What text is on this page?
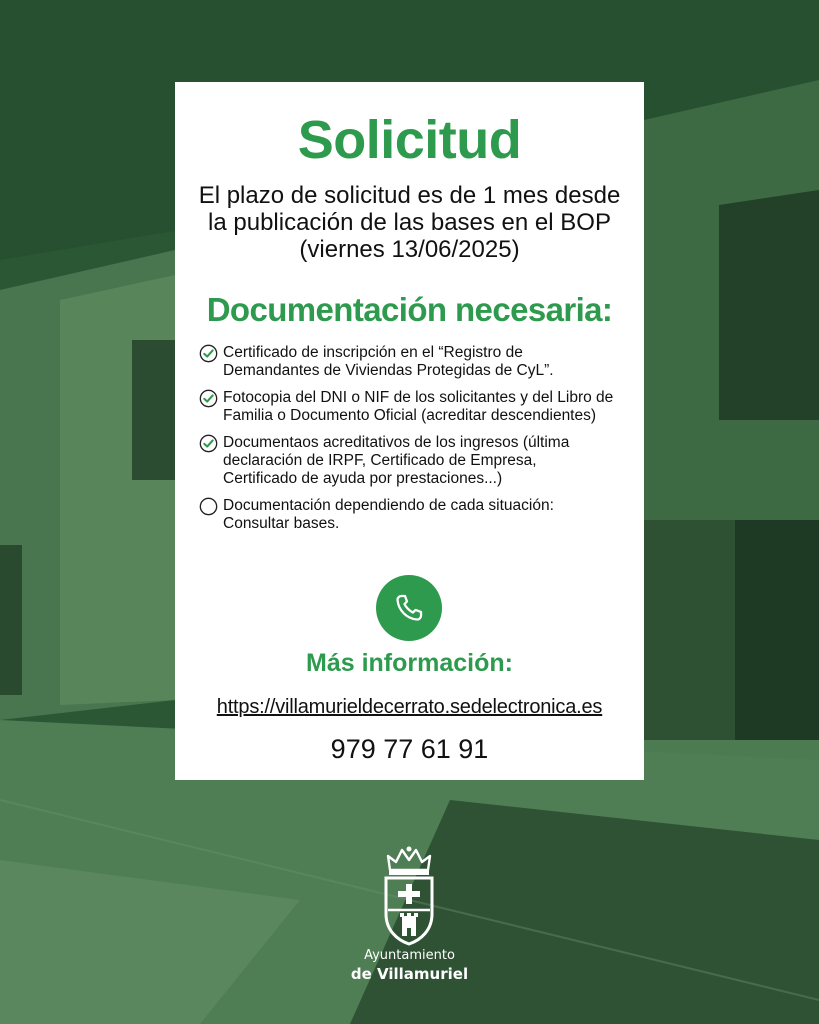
Solicitud
El plazo de solicitud es de 1 mes desde
la publicación de las bases en el BOP
(viernes 13/06/2025)
Documentación necesaria:
Certificado de inscripción en el “Registro de
Demandantes de Viviendas Protegidas de CyL”.
Fotocopia del DNI o NIF de los solicitantes y del Libro de
Familia o Documento Oficial (acreditar descendientes)
Documentaos acreditativos de los ingresos (última
declaración de IRPF, Certificado de Empresa,
Certificado de ayuda por prestaciones...)
Documentación dependiendo de cada situación:
Consultar bases.
Más información:
https://villamurieldecerrato.sedelectronica.es
979 77 61 91
Ayuntamiento
de Villamuriel
